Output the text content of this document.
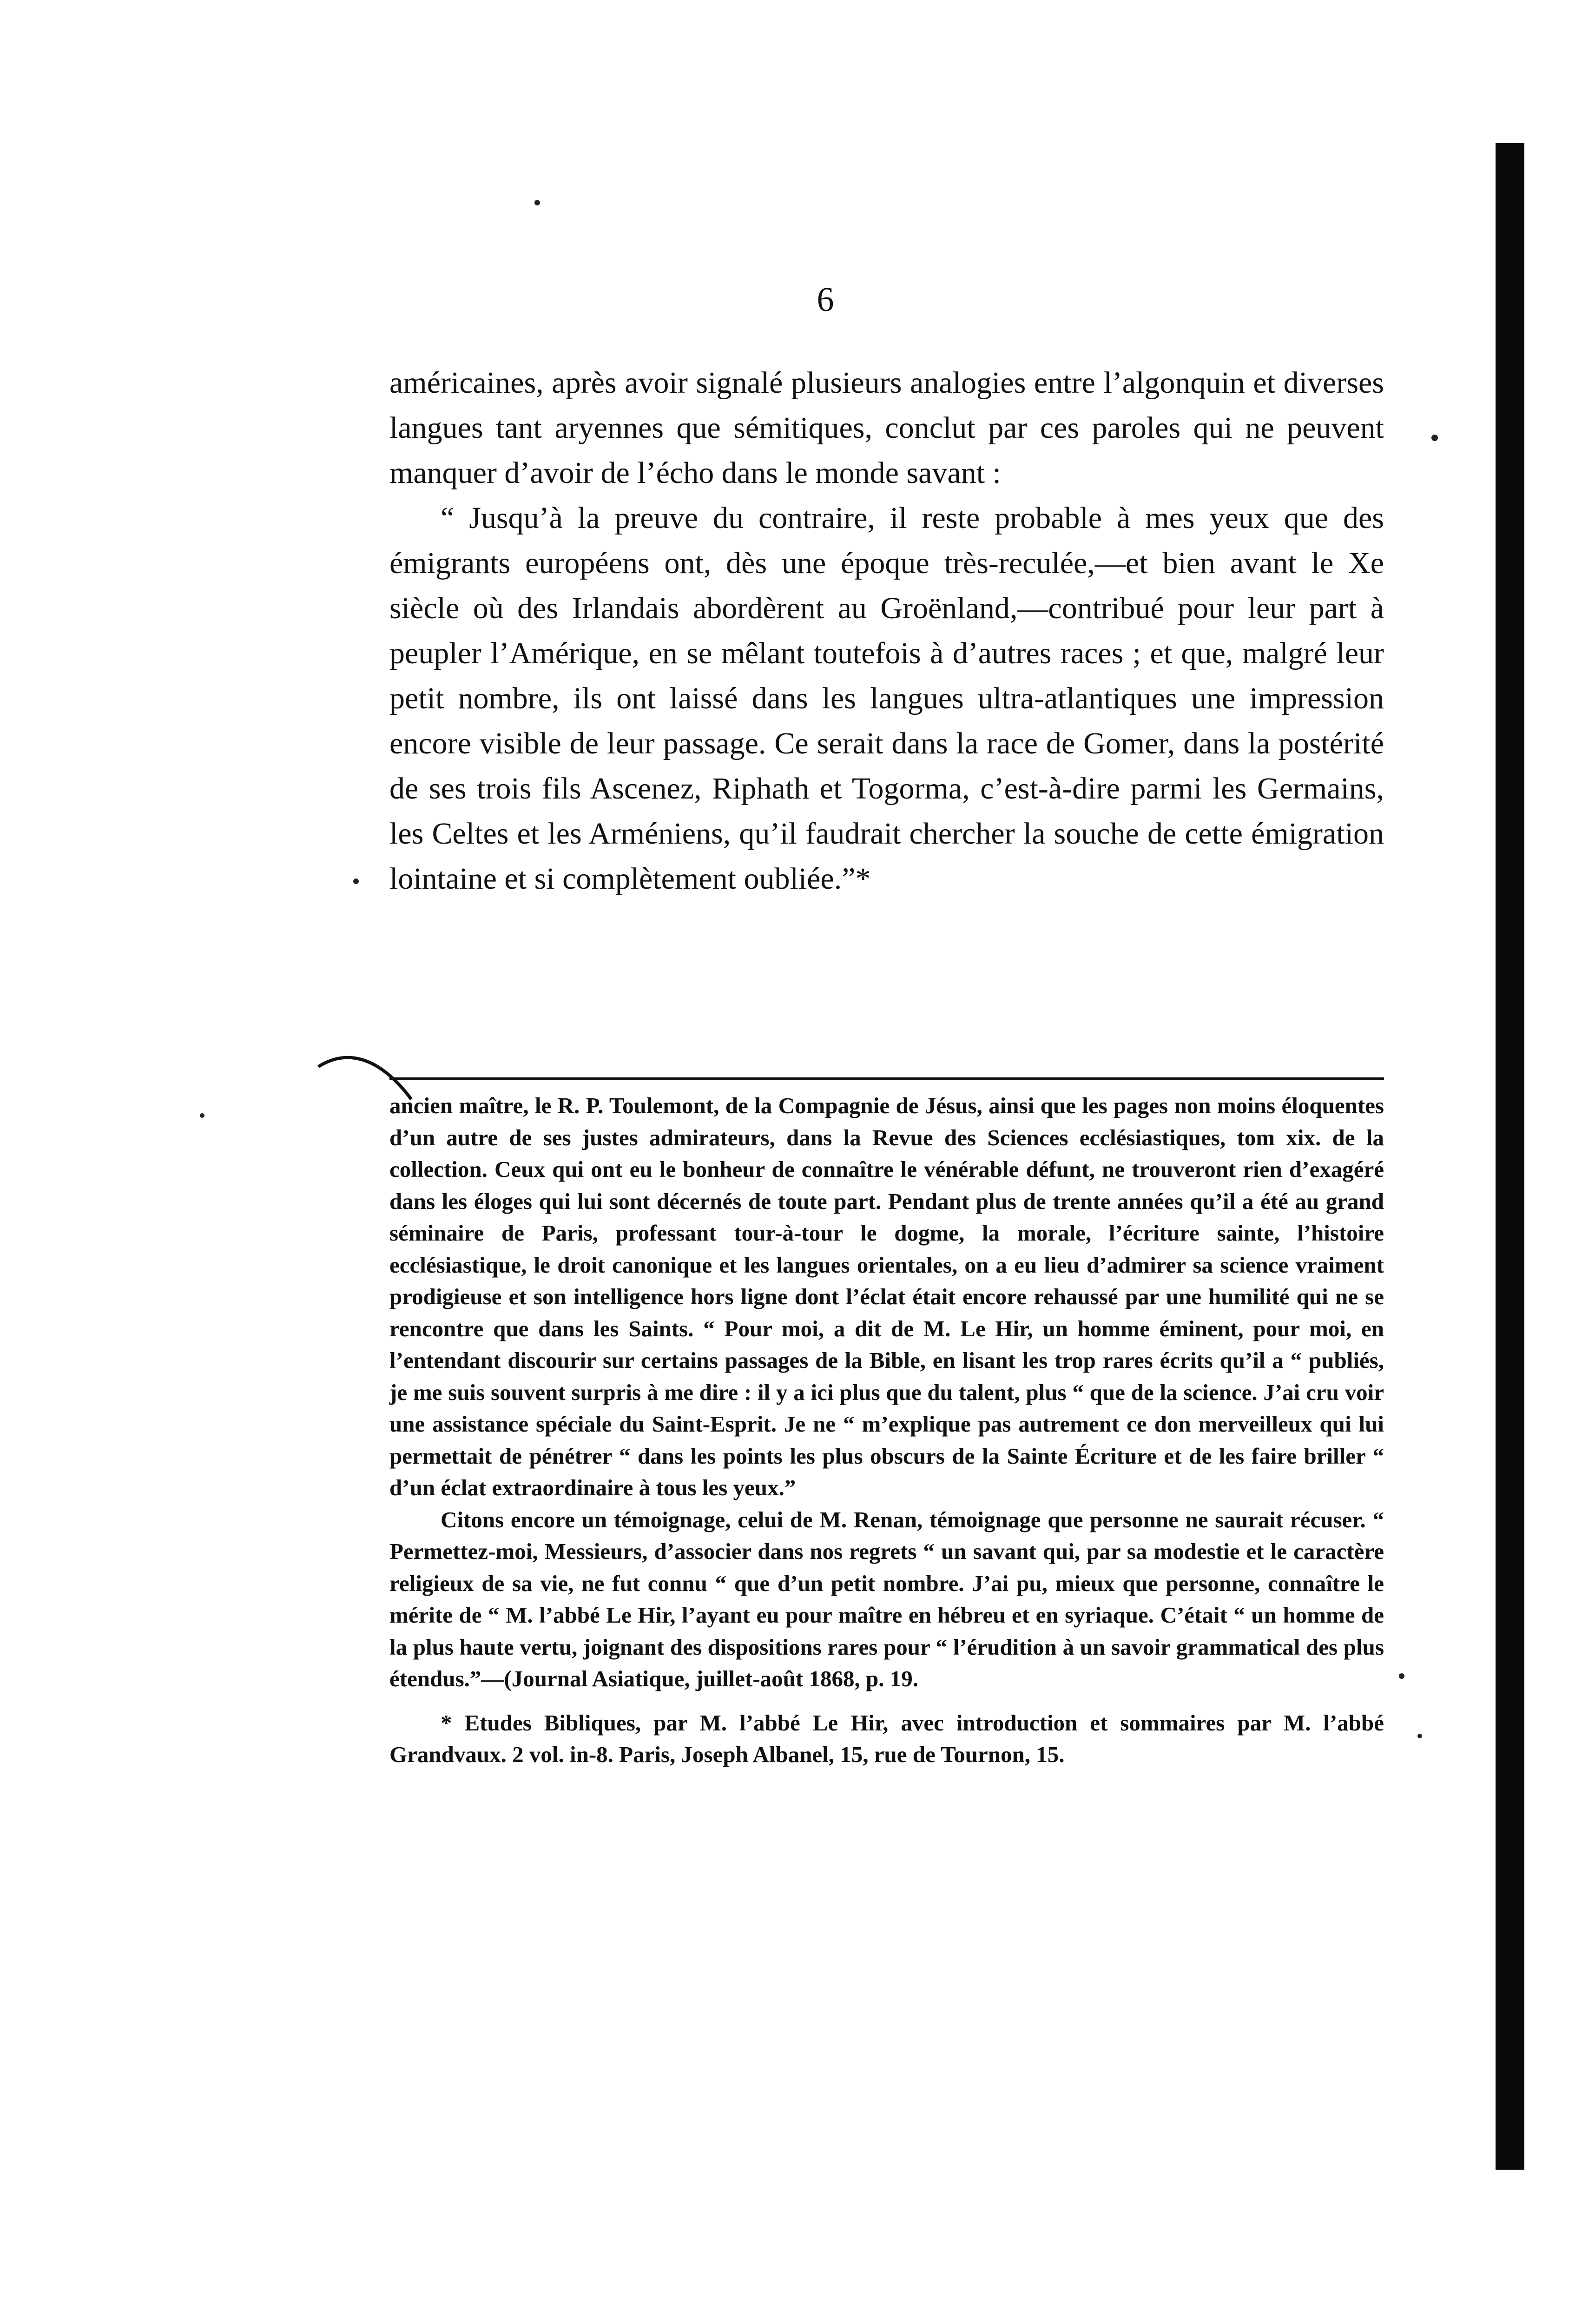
6

américaines, après avoir signalé plusieurs analogies entre l’algonquin et diverses langues tant aryennes que sémitiques, conclut par ces paroles qui ne peuvent manquer d’avoir de l’écho dans le monde savant :

“ Jusqu’à la preuve du contraire, il reste probable à mes yeux que des émigrants européens ont, dès une époque très-reculée,—et bien avant le Xe siècle où des Irlandais abordèrent au Groënland,—contribué pour leur part à peupler l’Amérique, en se mêlant toutefois à d’autres races ; et que, malgré leur petit nombre, ils ont laissé dans les langues ultra-atlantiques une impression encore visible de leur passage. Ce serait dans la race de Gomer, dans la postérité de ses trois fils Ascenez, Riphath et Togorma, c’est-à-dire parmi les Germains, les Celtes et les Arméniens, qu’il faudrait chercher la souche de cette émigration lointaine et si complètement oubliée.”*

ancien maître, le R. P. Toulemont, de la Compagnie de Jésus, ainsi que les pages non moins éloquentes d’un autre de ses justes admirateurs, dans la Revue des Sciences ecclésiastiques, tom xix. de la collection. Ceux qui ont eu le bonheur de connaître le vénérable défunt, ne trouveront rien d’exagéré dans les éloges qui lui sont décernés de toute part. Pendant plus de trente années qu’il a été au grand séminaire de Paris, professant tour-à-tour le dogme, la morale, l’écriture sainte, l’histoire ecclésiastique, le droit canonique et les langues orientales, on a eu lieu d’admirer sa science vraiment prodigieuse et son intelligence hors ligne dont l’éclat était encore rehaussé par une humilité qui ne se rencontre que dans les Saints. “ Pour moi, a dit de M. Le Hir, un homme éminent, pour moi, en l’entendant discourir sur certains passages de la Bible, en lisant les trop rares écrits qu’il a “ publiés, je me suis souvent surpris à me dire : il y a ici plus que du talent, plus “ que de la science. J’ai cru voir une assistance spéciale du Saint-Esprit. Je ne “ m’explique pas autrement ce don merveilleux qui lui permettait de pénétrer “ dans les points les plus obscurs de la Sainte Écriture et de les faire briller “ d’un éclat extraordinaire à tous les yeux.”

Citons encore un témoignage, celui de M. Renan, témoignage que personne ne saurait récuser. “ Permettez-moi, Messieurs, d’associer dans nos regrets “ un savant qui, par sa modestie et le caractère religieux de sa vie, ne fut connu “ que d’un petit nombre. J’ai pu, mieux que personne, connaître le mérite de “ M. l’abbé Le Hir, l’ayant eu pour maître en hébreu et en syriaque. C’était “ un homme de la plus haute vertu, joignant des dispositions rares pour “ l’érudition à un savoir grammatical des plus étendus.”—(Journal Asiatique, juillet-août 1868, p. 19.

* Etudes Bibliques, par M. l’abbé Le Hir, avec introduction et sommaires par M. l’abbé Grandvaux. 2 vol. in-8. Paris, Joseph Albanel, 15, rue de Tournon, 15.
